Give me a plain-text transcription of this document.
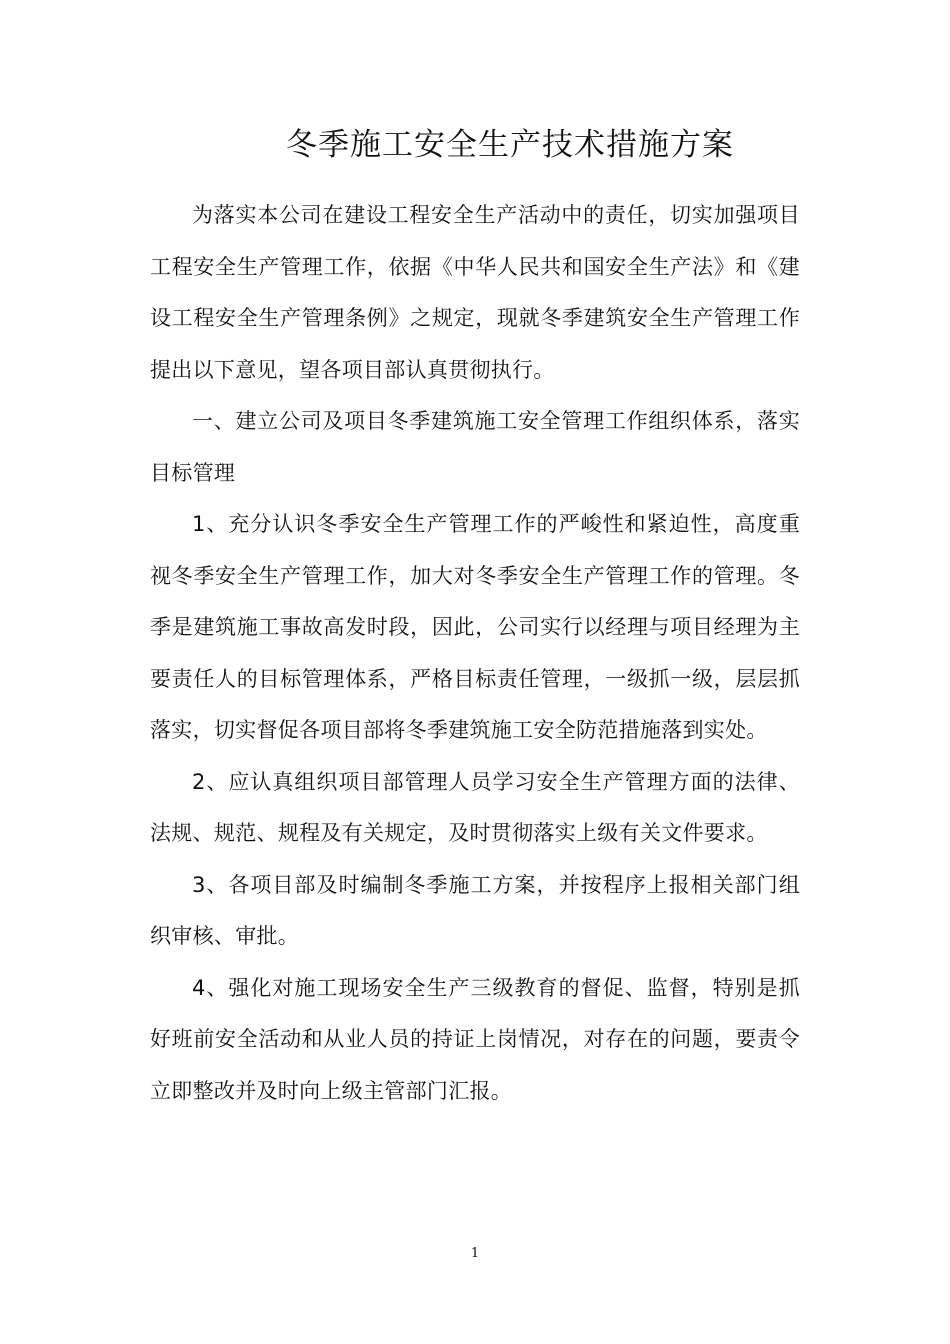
冬季施工安全生产技术措施方案

为落实本公司在建设工程安全生产活动中的责任，切实加强项目工程安全生产管理工作，依据《中华人民共和国安全生产法》和《建设工程安全生产管理条例》之规定，现就冬季建筑安全生产管理工作提出以下意见，望各项目部认真贯彻执行。

一、建立公司及项目冬季建筑施工安全管理工作组织体系，落实目标管理

1、充分认识冬季安全生产管理工作的严峻性和紧迫性，高度重视冬季安全生产管理工作，加大对冬季安全生产管理工作的管理。冬季是建筑施工事故高发时段，因此，公司实行以经理与项目经理为主要责任人的目标管理体系，严格目标责任管理，一级抓一级，层层抓落实，切实督促各项目部将冬季建筑施工安全防范措施落到实处。

2、应认真组织项目部管理人员学习安全生产管理方面的法律、法规、规范、规程及有关规定，及时贯彻落实上级有关文件要求。

3、各项目部及时编制冬季施工方案，并按程序上报相关部门组织审核、审批。

4、强化对施工现场安全生产三级教育的督促、监督，特别是抓好班前安全活动和从业人员的持证上岗情况，对存在的问题，要责令立即整改并及时向上级主管部门汇报。

1
